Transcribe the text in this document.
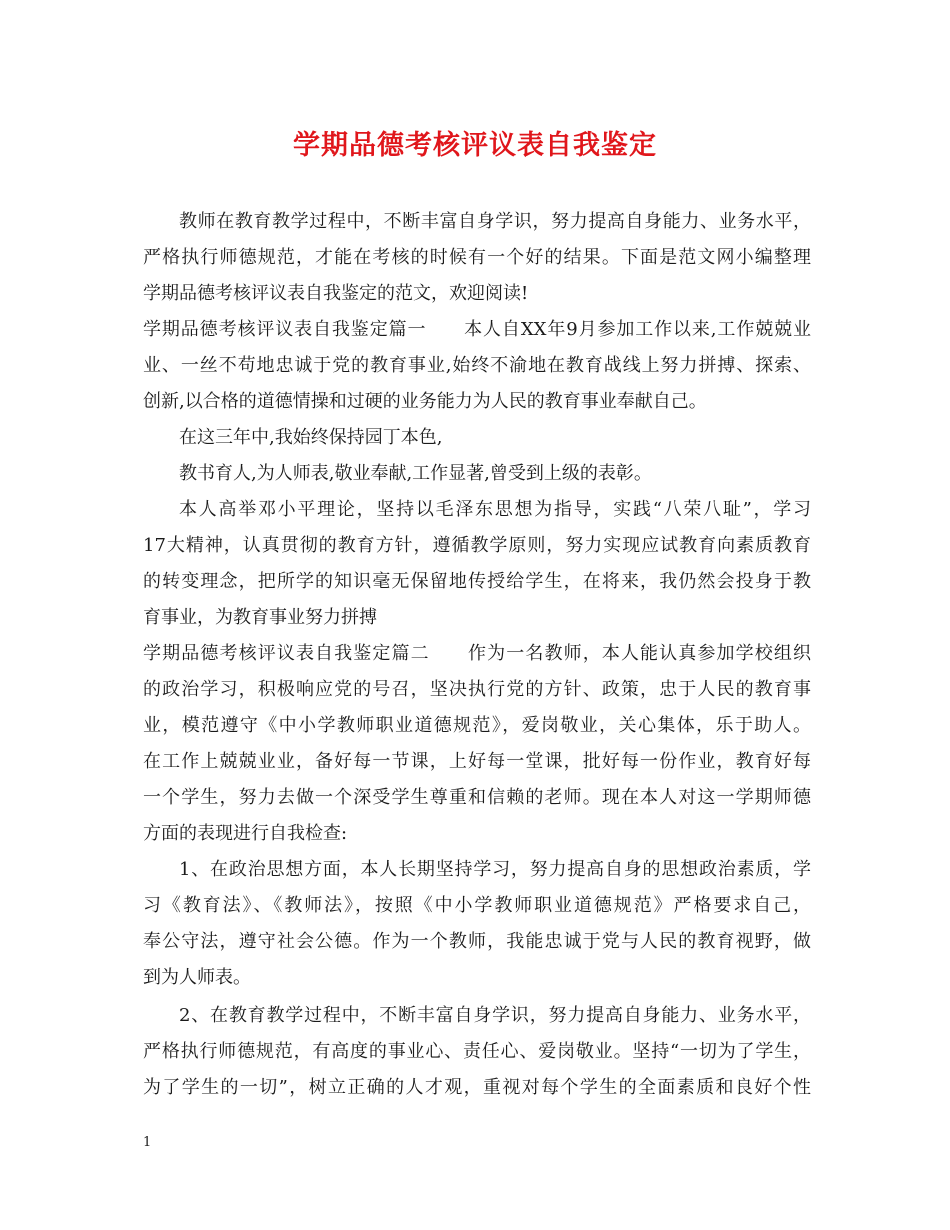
学期品德考核评议表自我鉴定
教师在教育教学过程中，不断丰富自身学识，努力提高自身能力、业务水平，
严格执行师德规范，才能在考核的时候有一个好的结果。下面是范文网小编整理
学期品德考核评议表自我鉴定的范文，欢迎阅读!
学期品德考核评议表自我鉴定篇一　　本人自XX年9月参加工作以来,工作兢兢业
业、一丝不苟地忠诚于党的教育事业,始终不渝地在教育战线上努力拼搏、探索、
创新,以合格的道德情操和过硬的业务能力为人民的教育事业奉献自己。
在这三年中,我始终保持园丁本色,
教书育人,为人师表,敬业奉献,工作显著,曾受到上级的表彰。
本人高举邓小平理论，坚持以毛泽东思想为指导，实践“八荣八耻”，学习
17大精神，认真贯彻的教育方针，遵循教学原则，努力实现应试教育向素质教育
的转变理念，把所学的知识毫无保留地传授给学生，在将来，我仍然会投身于教
育事业，为教育事业努力拼搏
学期品德考核评议表自我鉴定篇二　　作为一名教师，本人能认真参加学校组织
的政治学习，积极响应党的号召，坚决执行党的方针、政策，忠于人民的教育事
业，模范遵守《中小学教师职业道德规范》，爱岗敬业，关心集体，乐于助人。
在工作上兢兢业业，备好每一节课，上好每一堂课，批好每一份作业，教育好每
一个学生，努力去做一个深受学生尊重和信赖的老师。现在本人对这一学期师德
方面的表现进行自我检查:
1、在政治思想方面，本人长期坚持学习，努力提高自身的思想政治素质，学
习《教育法》、《教师法》，按照《中小学教师职业道德规范》严格要求自己，
奉公守法，遵守社会公德。作为一个教师，我能忠诚于党与人民的教育视野，做
到为人师表。
2、在教育教学过程中，不断丰富自身学识，努力提高自身能力、业务水平，
严格执行师德规范，有高度的事业心、责任心、爱岗敬业。坚持“一切为了学生，
为了学生的一切”，树立正确的人才观，重视对每个学生的全面素质和良好个性
1
